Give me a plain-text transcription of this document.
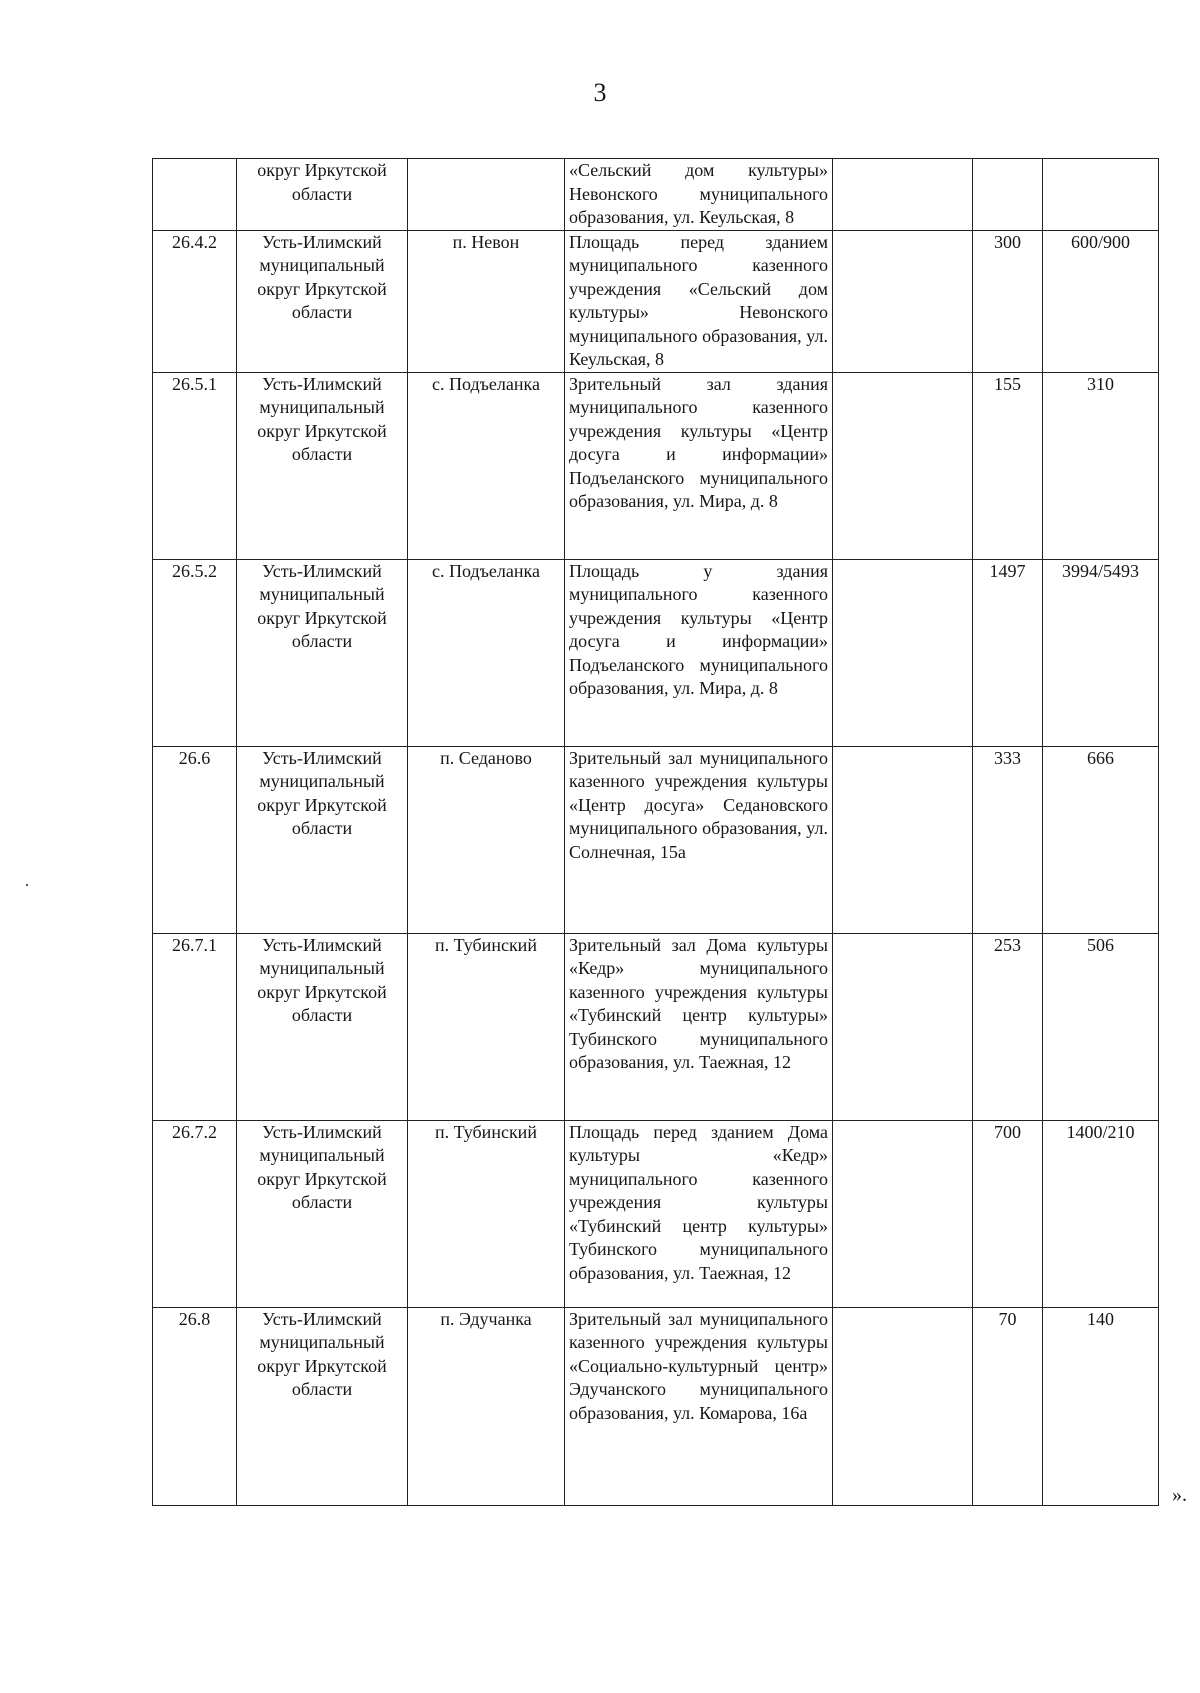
3
	округ Иркутской области		«Сельский дом культуры» Невонского муниципального образования, ул. Кеульская, 8			
26.4.2	Усть-Илимский муниципальный округ Иркутской области	п. Невон	Площадь перед зданием муниципального казенного учреждения «Сельский дом культуры» Невонского муниципального образования, ул. Кеульская, 8		300	600/900
26.5.1	Усть-Илимский муниципальный округ Иркутской области	с. Подъеланка	Зрительный зал здания муниципального казенного учреждения культуры «Центр досуга и информации» Подъеланского муниципального образования, ул. Мира, д. 8		155	310
26.5.2	Усть-Илимский муниципальный округ Иркутской области	с. Подъеланка	Площадь у здания муниципального казенного учреждения культуры «Центр досуга и информации» Подъеланского муниципального образования, ул. Мира, д. 8		1497	3994/5493
26.6	Усть-Илимский муниципальный округ Иркутской области	п. Седаново	Зрительный зал муниципального казенного учреждения культуры «Центр досуга» Седановского муниципального образования, ул. Солнечная, 15а		333	666
26.7.1	Усть-Илимский муниципальный округ Иркутской области	п. Тубинский	Зрительный зал Дома культуры «Кедр» муниципального казенного учреждения культуры «Тубинский центр культуры» Тубинского муниципального образования, ул. Таежная, 12		253	506
26.7.2	Усть-Илимский муниципальный округ Иркутской области	п. Тубинский	Площадь перед зданием Дома культуры «Кедр» муниципального казенного учреждения культуры «Тубинский центр культуры» Тубинского муниципального образования, ул. Таежная, 12		700	1400/210
26.8	Усть-Илимский муниципальный округ Иркутской области	п. Эдучанка	Зрительный зал муниципального казенного учреждения культуры «Социально-культурный центр» Эдучанского муниципального образования, ул. Комарова, 16а		70	140
».
